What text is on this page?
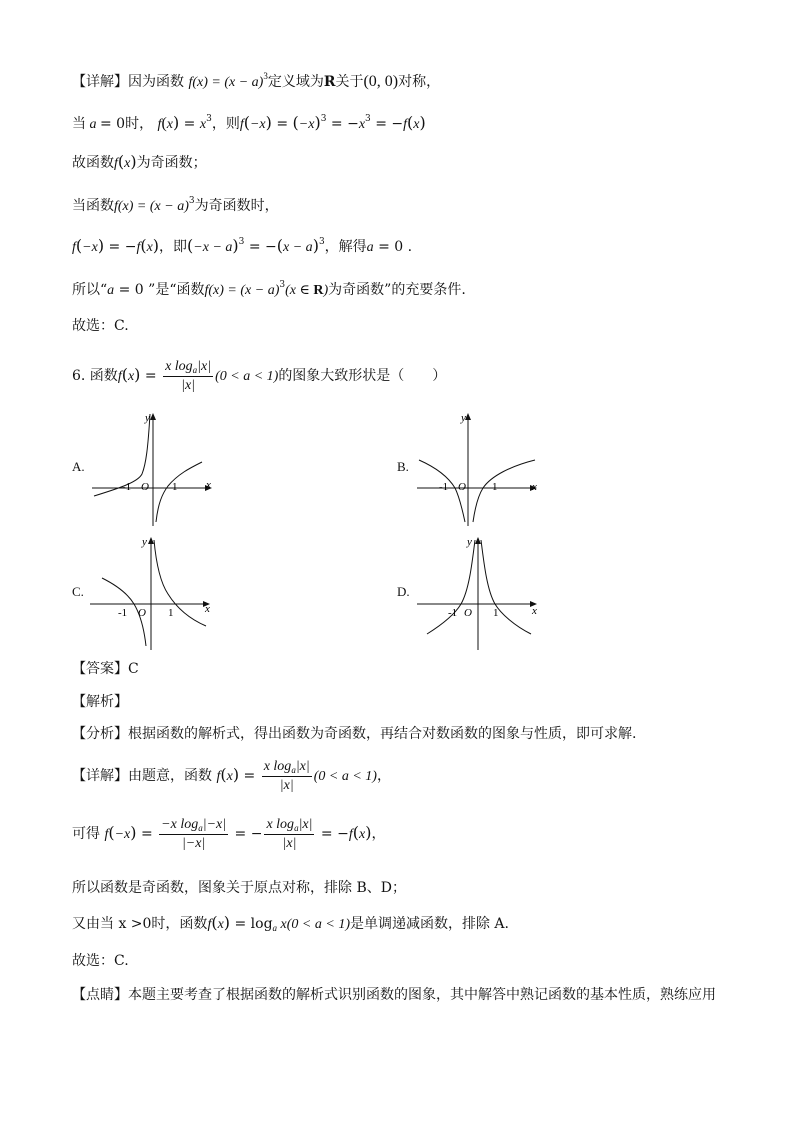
【详解】因为函数 $f(x) = (x - a)^3$定义域为R关于(0, 0)对称，
当 a = 0时， $f(x) = x^3$，则$f(-x) = (-x)^3 = -x^3 = -f(x)$
故函数f(x)为奇函数；
当函数$f(x) = (x - a)^3$为奇函数时，
f(−x) = −f(x)，即$(-x - a)^3 = -(x - a)^3$，解得a = 0 .
所以“a = 0 ”是“函数$f(x) = (x - a)^3(x$ ∈ R)为奇函数”的充要条件.
故选：C.
6. 函数$f(x) = \frac{x \log_a|x|}{|x|} (0 < a < 1)$的图象大致形状是（　　）
A.	B.
C.	D.
y
x
O
-1	1
y
x
O
-1	1
y
x
O
-1	1
y
x
O
-1	1
【答案】C
【解析】
【分析】根据函数的解析式，得出函数为奇函数，再结合对数函数的图象与性质，即可求解.
【详解】由题意，函数 $f(x) = \frac{x \log_a|x|}{|x|} (0 < a < 1)$，
可得 $f(-x) = \frac{-x \log_a|-x|}{|-x|}$ = − $\frac{x \log_a|x|}{|x|} = -f(x)$，
所以函数是奇函数，图象关于原点对称，排除 B、D；
又由当 x >0时，函数$f(x) = \log_a x(0 < a < 1)$是单调递减函数，排除 A.
故选：C.
【点睛】本题主要考查了根据函数的解析式识别函数的图象，其中解答中熟记函数的基本性质，熟练应用
